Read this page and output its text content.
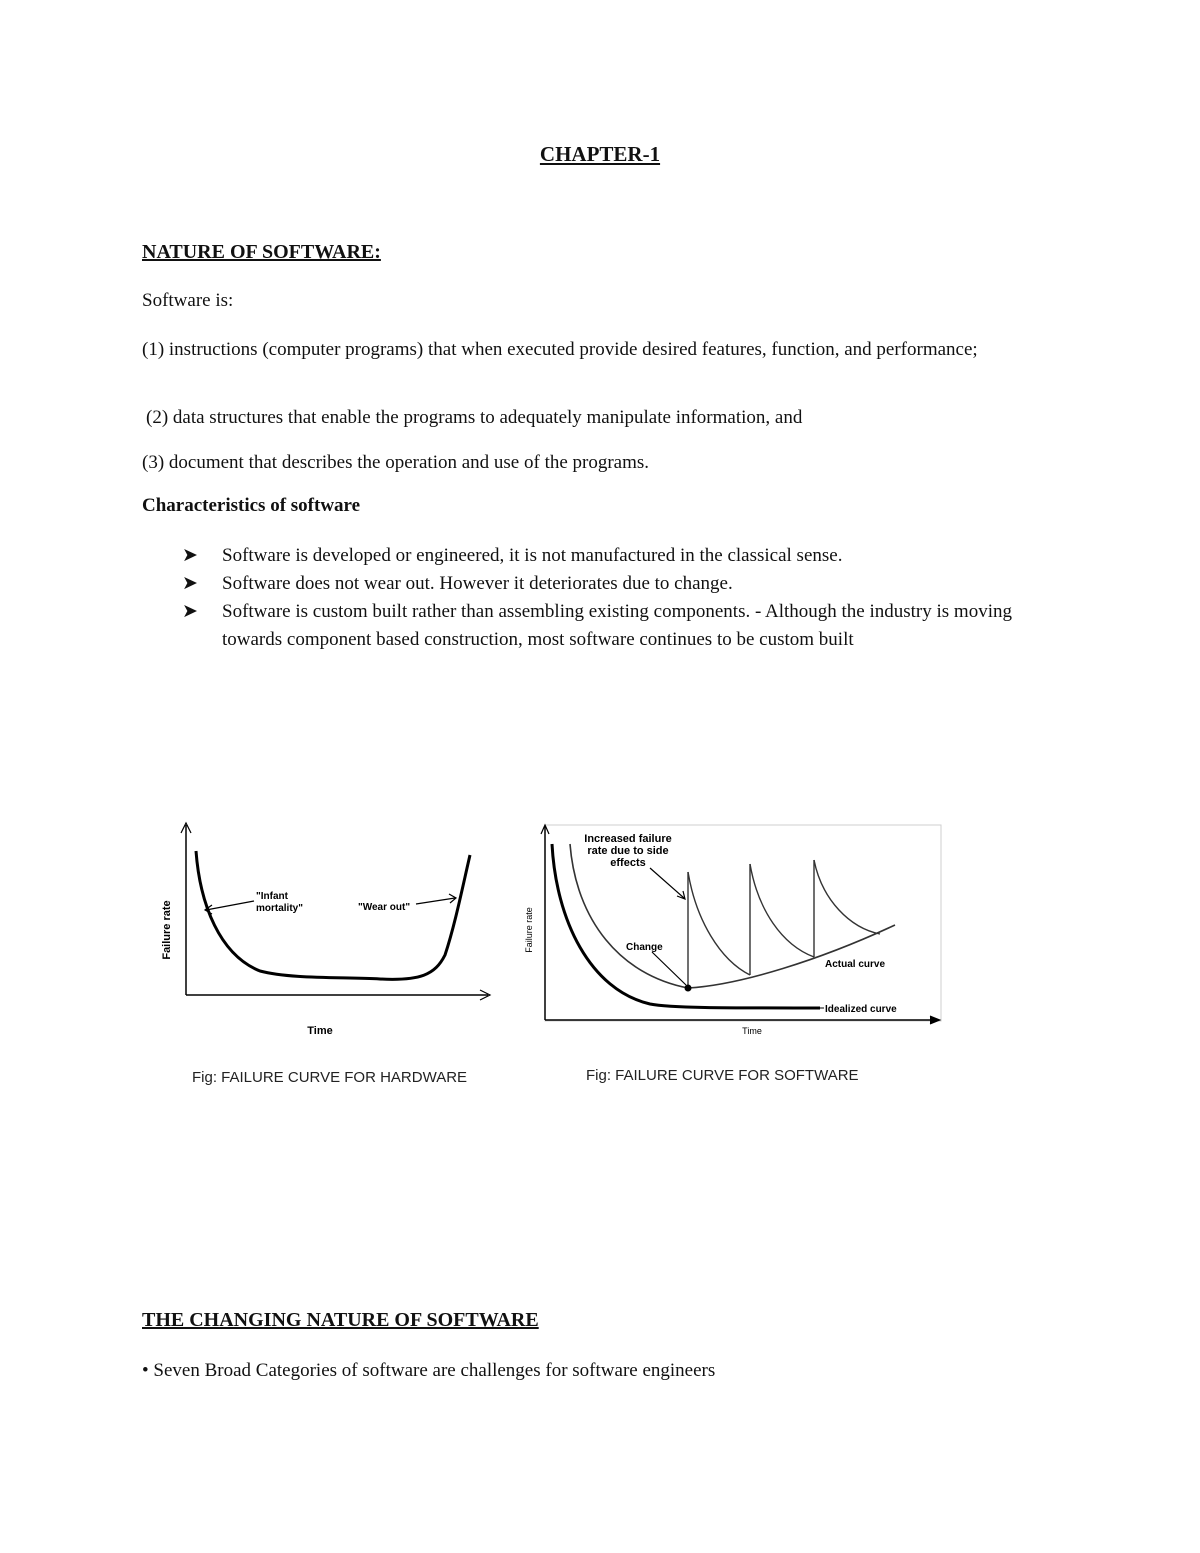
CHAPTER-1
NATURE OF SOFTWARE:
Software is:
(1) instructions (computer programs) that when executed provide desired features, function, and performance;
(2) data structures that enable the programs to adequately manipulate information, and
(3) document that describes the operation and use of the programs.
Characteristics of software
➤	Software is developed or engineered, it is not manufactured in the classical sense.
➤	Software does not wear out. However it deteriorates due to change.
➤	Software is custom built rather than assembling existing components. - Although the industry is moving towards component based construction, most software continues to be custom built
Failure rate
Time
"Infant
mortality"	"Wear out"
Fig: FAILURE CURVE FOR HARDWARE
Failure rate
Time
Increased failure
rate due to side
effects
Change
Actual curve
Idealized curve
Fig: FAILURE CURVE FOR SOFTWARE
THE CHANGING NATURE OF SOFTWARE
• Seven Broad Categories of software are challenges for software engineers
